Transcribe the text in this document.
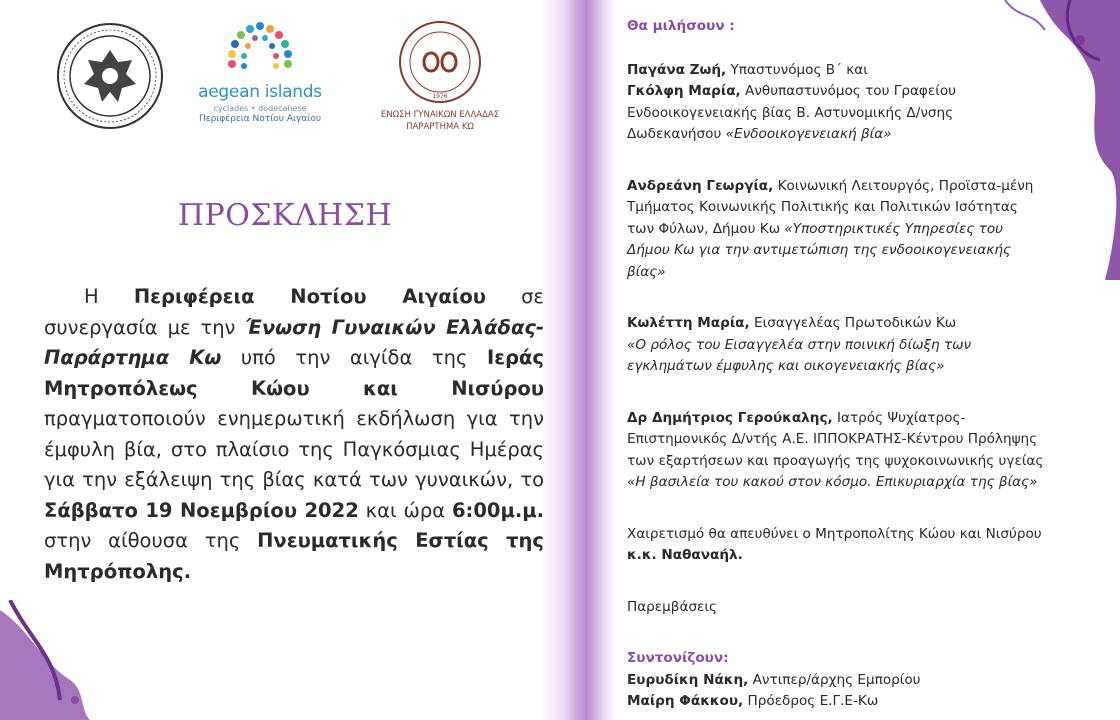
aegean islands
cyclades • dodecanese
Περιφέρεια Νοτίου Αιγαίου
1976
ΕΝΩΣΗ ΓΥΝΑΙΚΩΝ ΕΛΛΑΔΑΣ
ΠΑΡΑΡΤΗΜΑ ΚΩ
ΠΡΟΣΚΛΗΣΗ
Η Περιφέρεια Νοτίου Αιγαίου σε συνεργασία με την Ένωση Γυναικών Ελλάδας-Παράρτημα Κω υπό την αιγίδα της Ιεράς Μητροπόλεως Κώου και Νισύρου πραγματοποιούν ενημερωτική εκδήλωση για την έμφυλη βία, στο πλαίσιο της Παγκόσμιας Ημέρας για την εξάλειψη της βίας κατά των γυναικών, το Σάββατο 19 Νοεμβρίου 2022 και ώρα 6:00μ.μ. στην αίθουσα της Πνευματικής Εστίας της Μητρόπολης.

Θα μιλήσουν :

Παγάνα Ζωή, Υπαστυνόμος Β΄ και
Γκόλφη Μαρία, Ανθυπαστυνόμος του Γραφείου Ενδοοικογενειακής βίας Β. Αστυνομικής Δ/νσης Δωδεκανήσου «Ενδοοικογενειακή βία»

Ανδρεάνη Γεωργία, Κοινωνική Λειτουργός, Προϊστα-μένη Τμήματος Κοινωνικής Πολιτικής και Πολιτικών Ισότητας των Φύλων, Δήμου Κω «Υποστηρικτικές Υπηρεσίες του Δήμου Κω για την αντιμετώπιση της ενδοοικογενειακής βίας»

Κωλέττη Μαρία, Εισαγγελέας Πρωτοδικών Κω
«Ο ρόλος του Εισαγγελέα στην ποινική δίωξη των εγκλημάτων έμφυλης και οικογενειακής βίας»

Δρ Δημήτριος Γερούκαλης, Ιατρός Ψυχίατρος-Επιστημονικός Δ/ντής Α.Ε. ΙΠΠΟΚΡΑΤΗΣ-Κέντρου Πρόληψης των εξαρτήσεων και προαγωγής της ψυχοκοινωνικής υγείας «Η βασιλεία του κακού στον κόσμο. Επικυριαρχία της βίας»

Χαιρετισμό θα απευθύνει ο Μητροπολίτης Κώου και Νισύρου κ.κ. Ναθαναήλ.

Παρεμβάσεις

Συντονίζουν:

Ευρυδίκη Νάκη, Αντιπερ/άρχης Εμπορίου

Μαίρη Φάκκου, Πρόεδρος Ε.Γ.Ε-Κω
